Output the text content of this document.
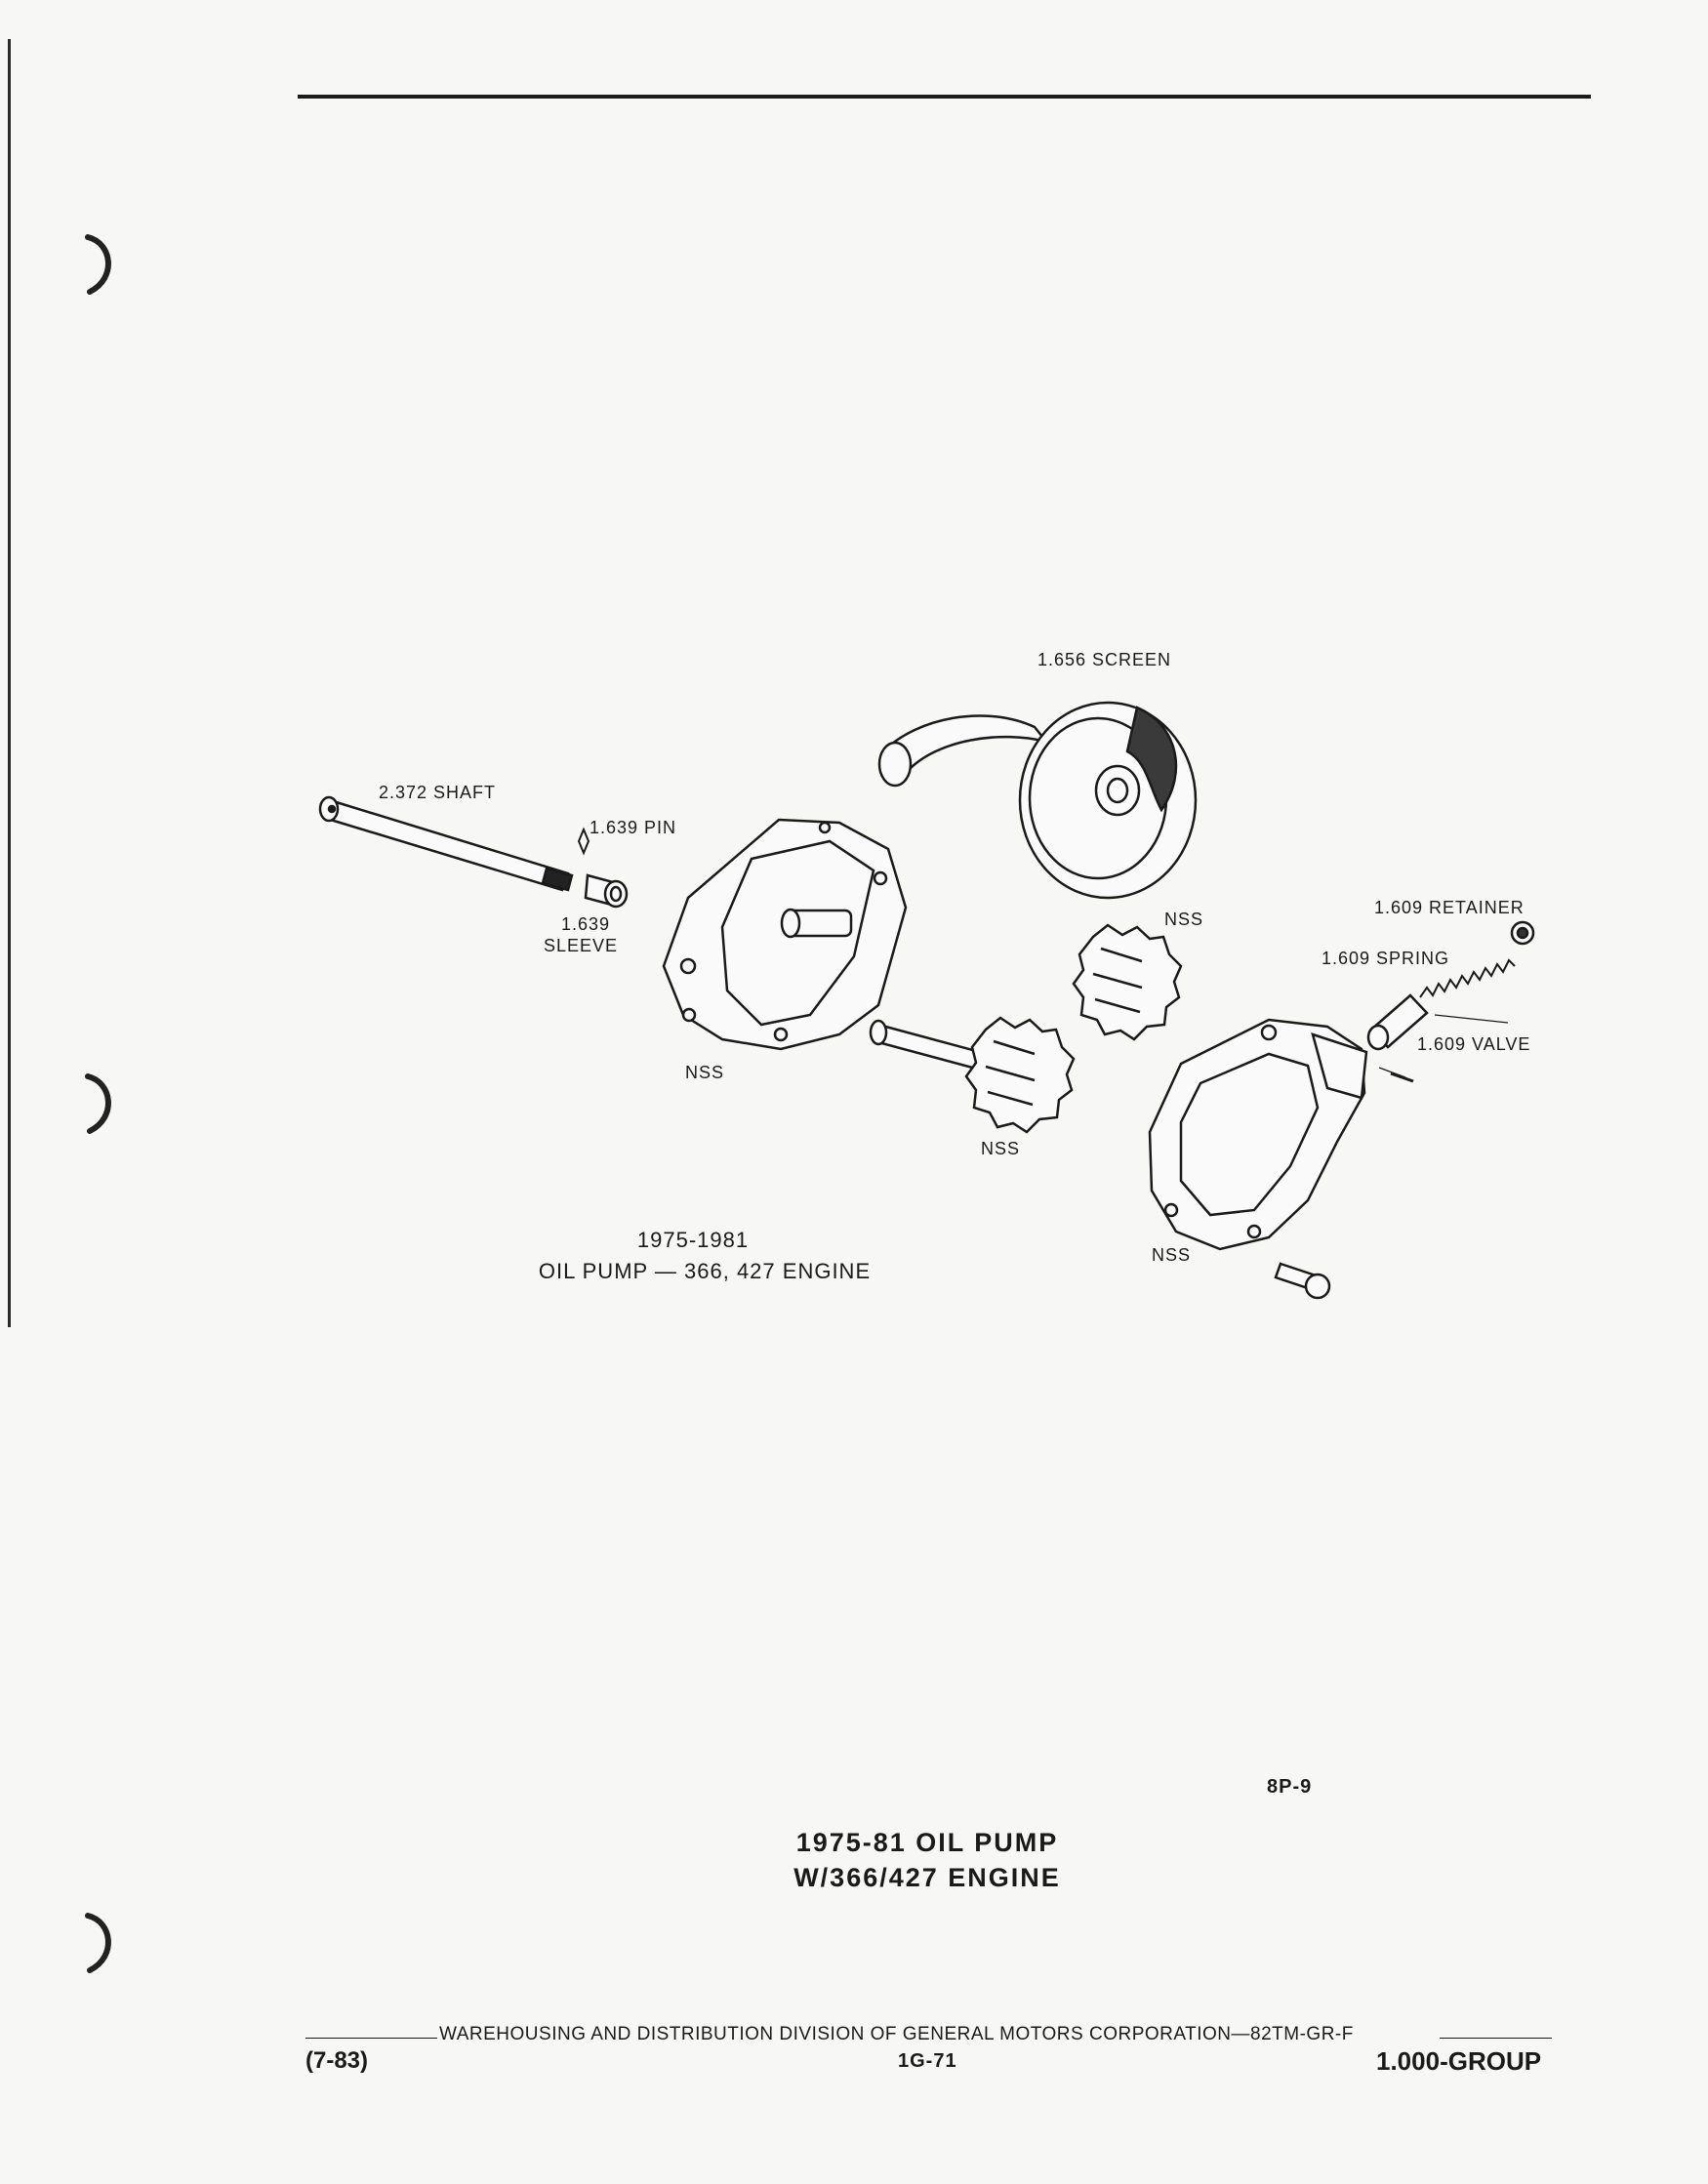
1.656 SCREEN
2.372 SHAFT
1.639 PIN
1.639
SLEEVE
1.609 RETAINER
1.609 SPRING
1.609 VALVE
NSS
NSS
NSS
NSS
1975-1981
OIL PUMP — 366, 427 ENGINE
8P-9
1975-81 OIL PUMP
W/366/427 ENGINE
WAREHOUSING AND DISTRIBUTION DIVISION OF GENERAL MOTORS CORPORATION—82TM-GR-F
(7-83)	1G-71	1.000-GROUP
